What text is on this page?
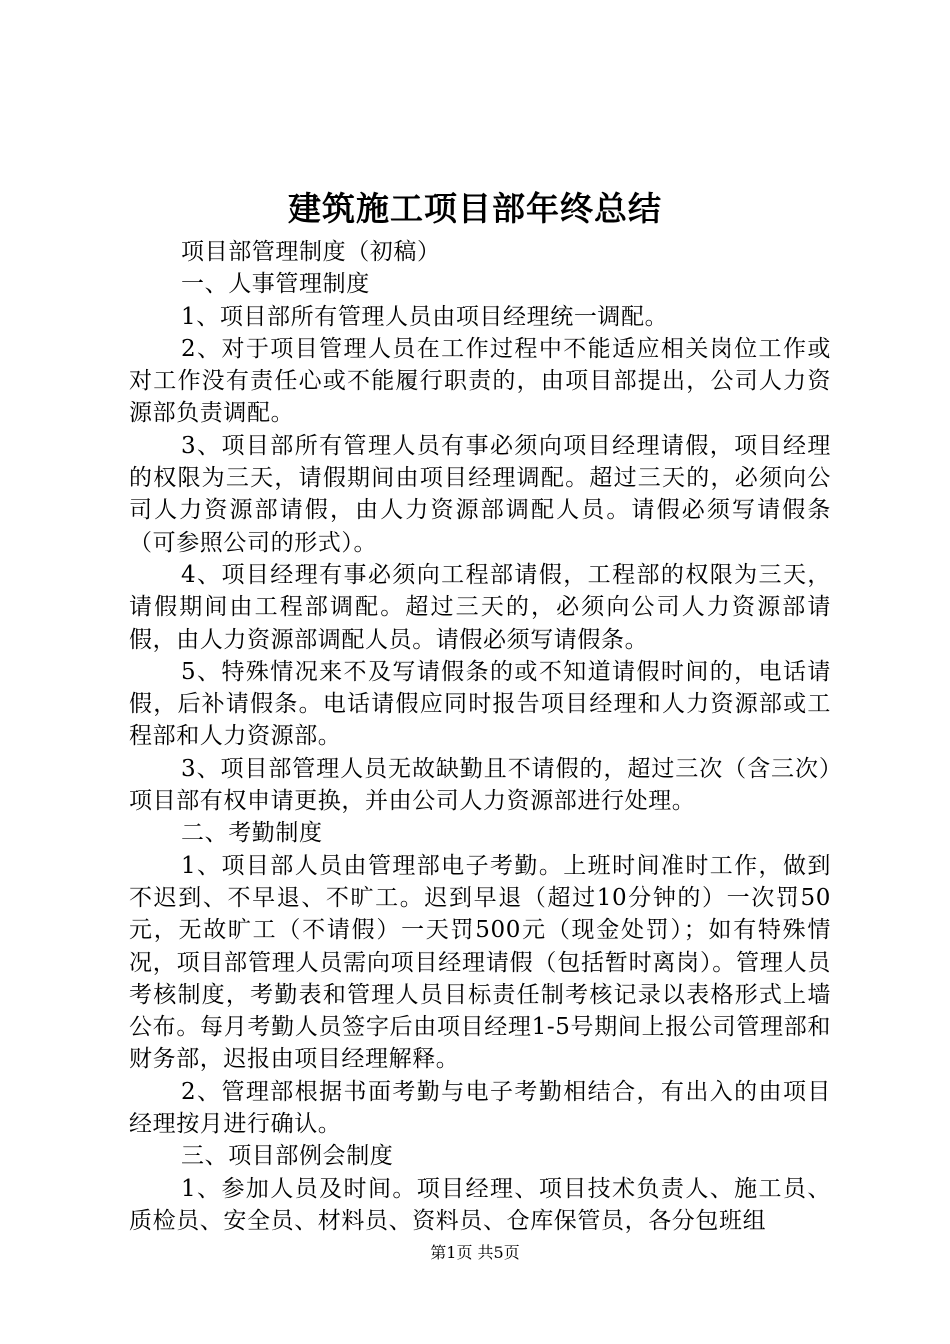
建筑施工项目部年终总结

项目部管理制度（初稿）

一、人事管理制度

1、项目部所有管理人员由项目经理统一调配。

2、对于项目管理人员在工作过程中不能适应相关岗位工作或对工作没有责任心或不能履行职责的，由项目部提出，公司人力资源部负责调配。

3、项目部所有管理人员有事必须向项目经理请假，项目经理的权限为三天，请假期间由项目经理调配。超过三天的，必须向公司人力资源部请假，由人力资源部调配人员。请假必须写请假条（可参照公司的形式）。

4、项目经理有事必须向工程部请假，工程部的权限为三天，请假期间由工程部调配。超过三天的，必须向公司人力资源部请假，由人力资源部调配人员。请假必须写请假条。

5、特殊情况来不及写请假条的或不知道请假时间的，电话请假，后补请假条。电话请假应同时报告项目经理和人力资源部或工程部和人力资源部。

3、项目部管理人员无故缺勤且不请假的，超过三次（含三次）项目部有权申请更换，并由公司人力资源部进行处理。

二、考勤制度

1、项目部人员由管理部电子考勤。上班时间准时工作，做到不迟到、不早退、不旷工。迟到早退（超过10分钟的）一次罚50元，无故旷工（不请假）一天罚500元（现金处罚）；如有特殊情况，项目部管理人员需向项目经理请假（包括暂时离岗）。管理人员考核制度，考勤表和管理人员目标责任制考核记录以表格形式上墙公布。每月考勤人员签字后由项目经理1-5号期间上报公司管理部和财务部，迟报由项目经理解释。

2、管理部根据书面考勤与电子考勤相结合，有出入的由项目经理按月进行确认。

三、项目部例会制度

1、参加人员及时间。项目经理、项目技术负责人、施工员、质检员、安全员、材料员、资料员、仓库保管员，各分包班组

第1页 共5页
